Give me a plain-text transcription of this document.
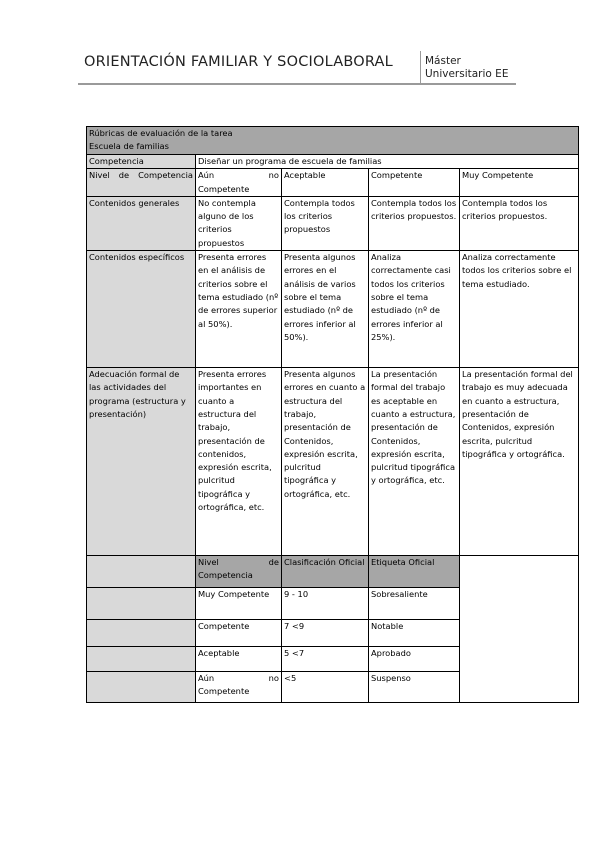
ORIENTACIÓN FAMILIAR Y SOCIOLABORAL	Máster
Universitario EE
Rúbricas de evaluación de la tarea
Escuela de familias				

Competencia	Diseñar un programa de escuela de familias			
Nivel de Competencia	Aún no Competente	Aceptable	Competente	Muy Competente
Contenidos generales	No contempla alguno de los criterios propuestos	Contempla todos los criterios propuestos	Contempla todos los criterios propuestos.	Contempla todos los criterios propuestos.
Contenidos específicos	Presenta errores en el análisis de criterios sobre el tema estudiado (nº de errores superior al 50%).	Presenta algunos errores en el análisis de varios sobre el tema estudiado (nº de errores inferior al 50%).	Analiza correctamente casi todos los criterios sobre el tema estudiado (nº de errores inferior al 25%).	Analiza correctamente todos los criterios sobre el tema estudiado.
Adecuación formal de las actividades del programa (estructura y presentación)	Presenta errores importantes en cuanto a estructura del trabajo, presentación de contenidos, expresión escrita, pulcritud tipográfica y ortográfica, etc.	Presenta algunos errores en cuanto a estructura del trabajo, presentación de Contenidos, expresión escrita, pulcritud tipográfica y ortográfica, etc.	La presentación formal del trabajo es aceptable en cuanto a estructura, presentación de Contenidos, expresión escrita, pulcritud tipográfica y ortográfica, etc.	La presentación formal del trabajo es muy adecuada en cuanto a estructura, presentación de Contenidos, expresión escrita, pulcritud tipográfica y ortográfica.
	Nivel de Competencia	Clasificación Oficial	Etiqueta Oficial	
	Muy Competente	9 - 10	Sobresaliente	
	Competente	7 <9	Notable	
	Aceptable	5 <7	Aprobado	
	Aún no Competente	<5	Suspenso	
